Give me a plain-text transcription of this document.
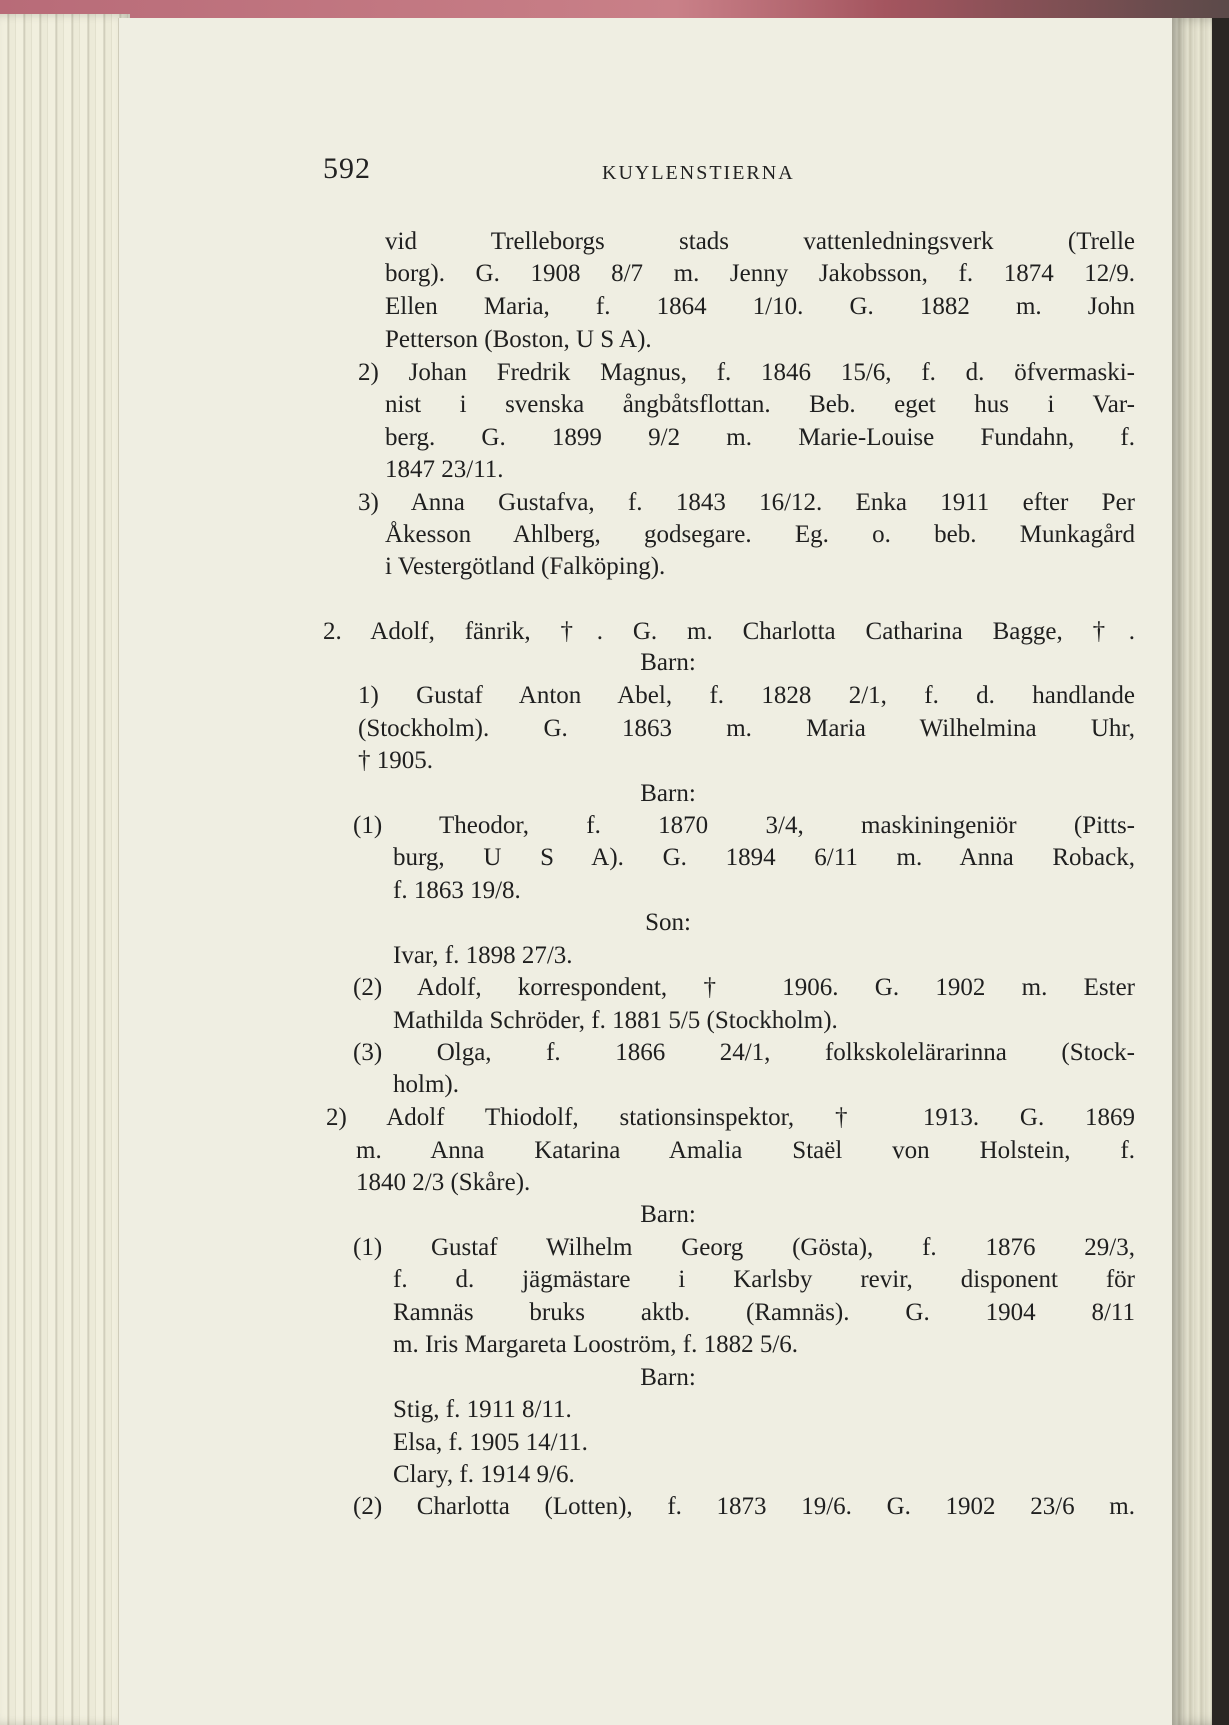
592	KUYLENSTIERNA
vid Trelleborgs stads vattenledningsverk (Trelle
borg). G. 1908 8/7 m. Jenny Jakobsson, f. 1874 12/9.
Ellen Maria, f. 1864 1/10. G. 1882 m. John
Petterson (Boston, U S A).
2) Johan Fredrik Magnus, f. 1846 15/6, f. d. öfvermaski-
nist i svenska ångbåtsflottan. Beb. eget hus i Var-
berg. G. 1899 9/2 m. Marie-Louise Fundahn, f.
1847 23/11.
3) Anna Gustafva, f. 1843 16/12. Enka 1911 efter Per
Åkesson Ahlberg, godsegare. Eg. o. beb. Munkagård
i Vestergötland (Falköping).
2. Adolf, fänrik, †. G. m. Charlotta Catharina Bagge, †.
Barn:
1) Gustaf Anton Abel, f. 1828 2/1, f. d. handlande
(Stockholm). G. 1863 m. Maria Wilhelmina Uhr,
† 1905.
Barn:
(1) Theodor, f. 1870 3/4, maskiningeniör (Pitts-
burg, U S A). G. 1894 6/11 m. Anna Roback,
f. 1863 19/8.
Son:
Ivar, f. 1898 27/3.
(2) Adolf, korrespondent, † 1906. G. 1902 m. Ester
Mathilda Schröder, f. 1881 5/5 (Stockholm).
(3) Olga, f. 1866 24/1, folkskolelärarinna (Stock-
holm).
2) Adolf Thiodolf, stationsinspektor, † 1913. G. 1869
m. Anna Katarina Amalia Staël von Holstein, f.
1840 2/3 (Skåre).
Barn:
(1) Gustaf Wilhelm Georg (Gösta), f. 1876 29/3,
f. d. jägmästare i Karlsby revir, disponent för
Ramnäs bruks aktb. (Ramnäs). G. 1904 8/11
m. Iris Margareta Looström, f. 1882 5/6.
Barn:
Stig, f. 1911 8/11.
Elsa, f. 1905 14/11.
Clary, f. 1914 9/6.
(2) Charlotta (Lotten), f. 1873 19/6. G. 1902 23/6 m.
